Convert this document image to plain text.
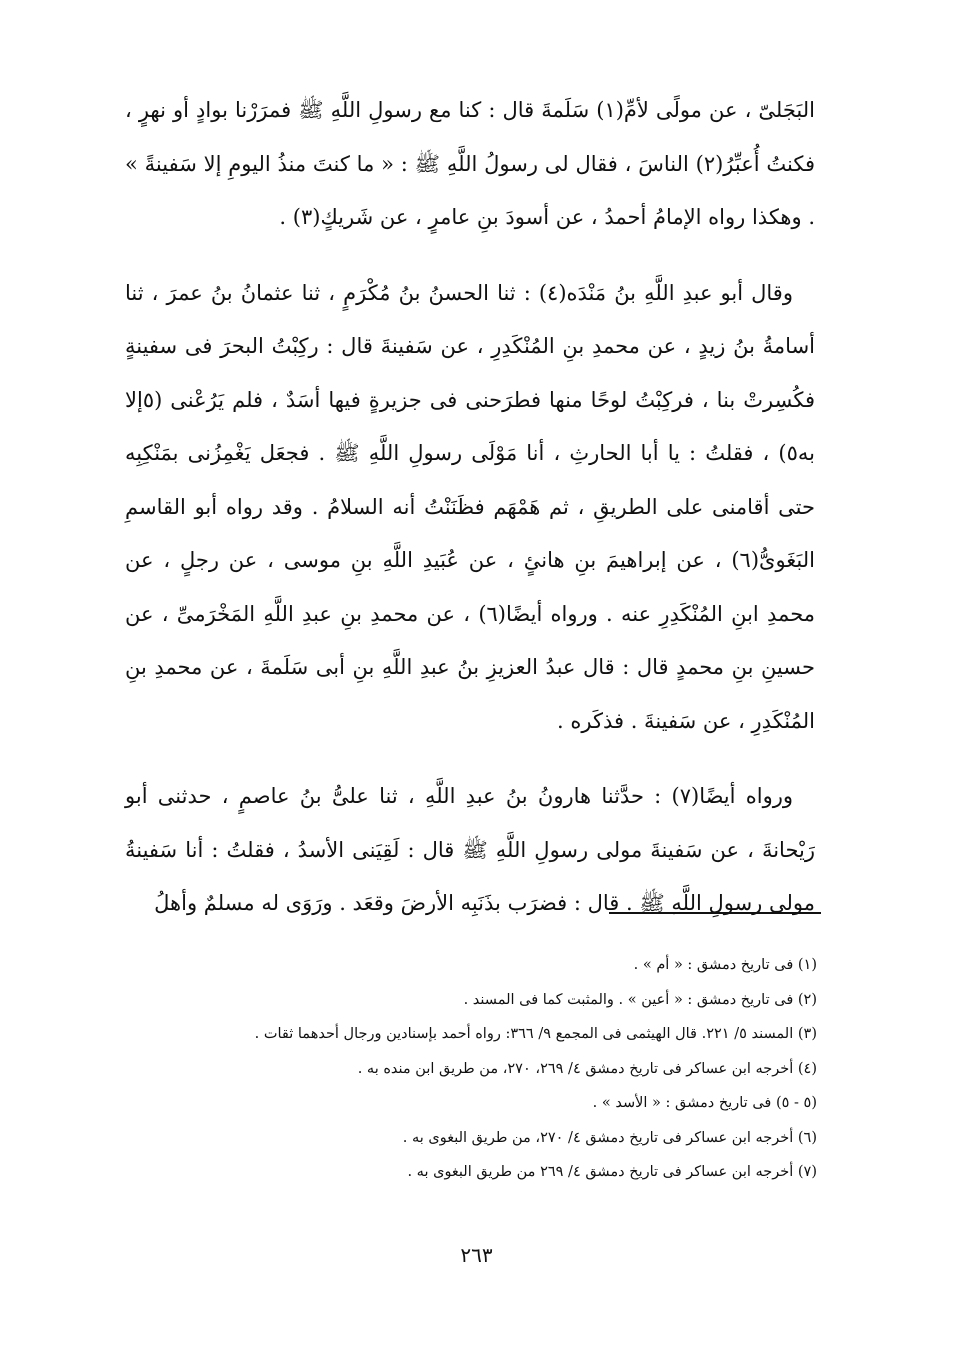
البَجَلىّ ، عن مولًى لأمِّ(١) سَلَمةَ قال : كنا مع رسولِ اللَّهِ ﷺ فمرَرْنا بوادٍ أو نهرٍ ، فكنتُ أُعبِّرُ(٢) الناسَ ، فقال لى رسولُ اللَّهِ ﷺ : « ما كنتَ منذُ اليومِ إلا سَفينةً » . وهكذا رواه الإمامُ أحمدُ ، عن أسودَ بنِ عامرٍ ، عن شَريكٍ(٣) .

وقال أبو عبدِ اللَّهِ بنُ مَنْدَه(٤) : ثنا الحسنُ بنُ مُكْرَمٍ ، ثنا عثمانُ بنُ عمرَ ، ثنا أسامةُ بنُ زيدٍ ، عن محمدِ بنِ المُنْكَدِرِ ، عن سَفينةَ قال : ركِبْتُ البحرَ فى سفينةٍ فكُسِرتْ بنا ، فركِبْتُ لوحًا منها فطرَحنى فى جزيرةٍ فيها أسَدٌ ، فلم يَرُعْنى (٥إلا به٥) ، فقلتُ : يا أبا الحارثِ ، أنا مَوْلَى رسولِ اللَّهِ ﷺ . فجعَل يَغْمِزُنى بمَنْكِبِه حتى أقامنى على الطريقِ ، ثم هَمْهَم فظَنَنْتُ أنه السلامُ . وقد رواه أبو القاسمِ البَغَوىُّ(٦) ، عن إبراهيمَ بنِ هانئٍ ، عن عُبَيدِ اللَّهِ بنِ موسى ، عن رجلٍ ، عن محمدِ ابنِ المُنْكَدِرِ عنه . ورواه أيضًا(٦) ، عن محمدِ بنِ عبدِ اللَّهِ المَخْرَمىِّ ، عن حسينِ بنِ محمدٍ قال : قال عبدُ العزيزِ بنُ عبدِ اللَّهِ بنِ أبى سَلَمةَ ، عن محمدِ بنِ المُنْكَدِرِ ، عن سَفينةَ . فذكَره .

ورواه أيضًا(٧) : حدَّثنا هارونُ بنُ عبدِ اللَّهِ ، ثنا علىُّ بنُ عاصمٍ ، حدثنى أبو رَيْحانةَ ، عن سَفينةَ مولى رسولِ اللَّهِ ﷺ قال : لَقِيَنى الأسدُ ، فقلتُ : أنا سَفينةُ مولى رسولِ اللَّهِ ﷺ . قال : فضرَب بذَنَبِه الأرضَ وقعَد . ورَوَى له مسلمٌ وأهلُ

(١) فى تاريخ دمشق : « أم » .
(٢) فى تاريخ دمشق : « أعين » . والمثبت كما فى المسند .
(٣) المسند ٥/ ٢٢١. قال الهيثمى فى المجمع ٩/ ٣٦٦: رواه أحمد بإسنادين ورجال أحدهما ثقات .
(٤) أخرجه ابن عساكر فى تاريخ دمشق ٤/ ٢٦٩، ٢٧٠، من طريق ابن منده به .
(٥ - ٥) فى تاريخ دمشق : « الأسد » .
(٦) أخرجه ابن عساكر فى تاريخ دمشق ٤/ ٢٧٠، من طريق البغوى به .
(٧) أخرجه ابن عساكر فى تاريخ دمشق ٤/ ٢٦٩ من طريق البغوى به .
٢٦٣
